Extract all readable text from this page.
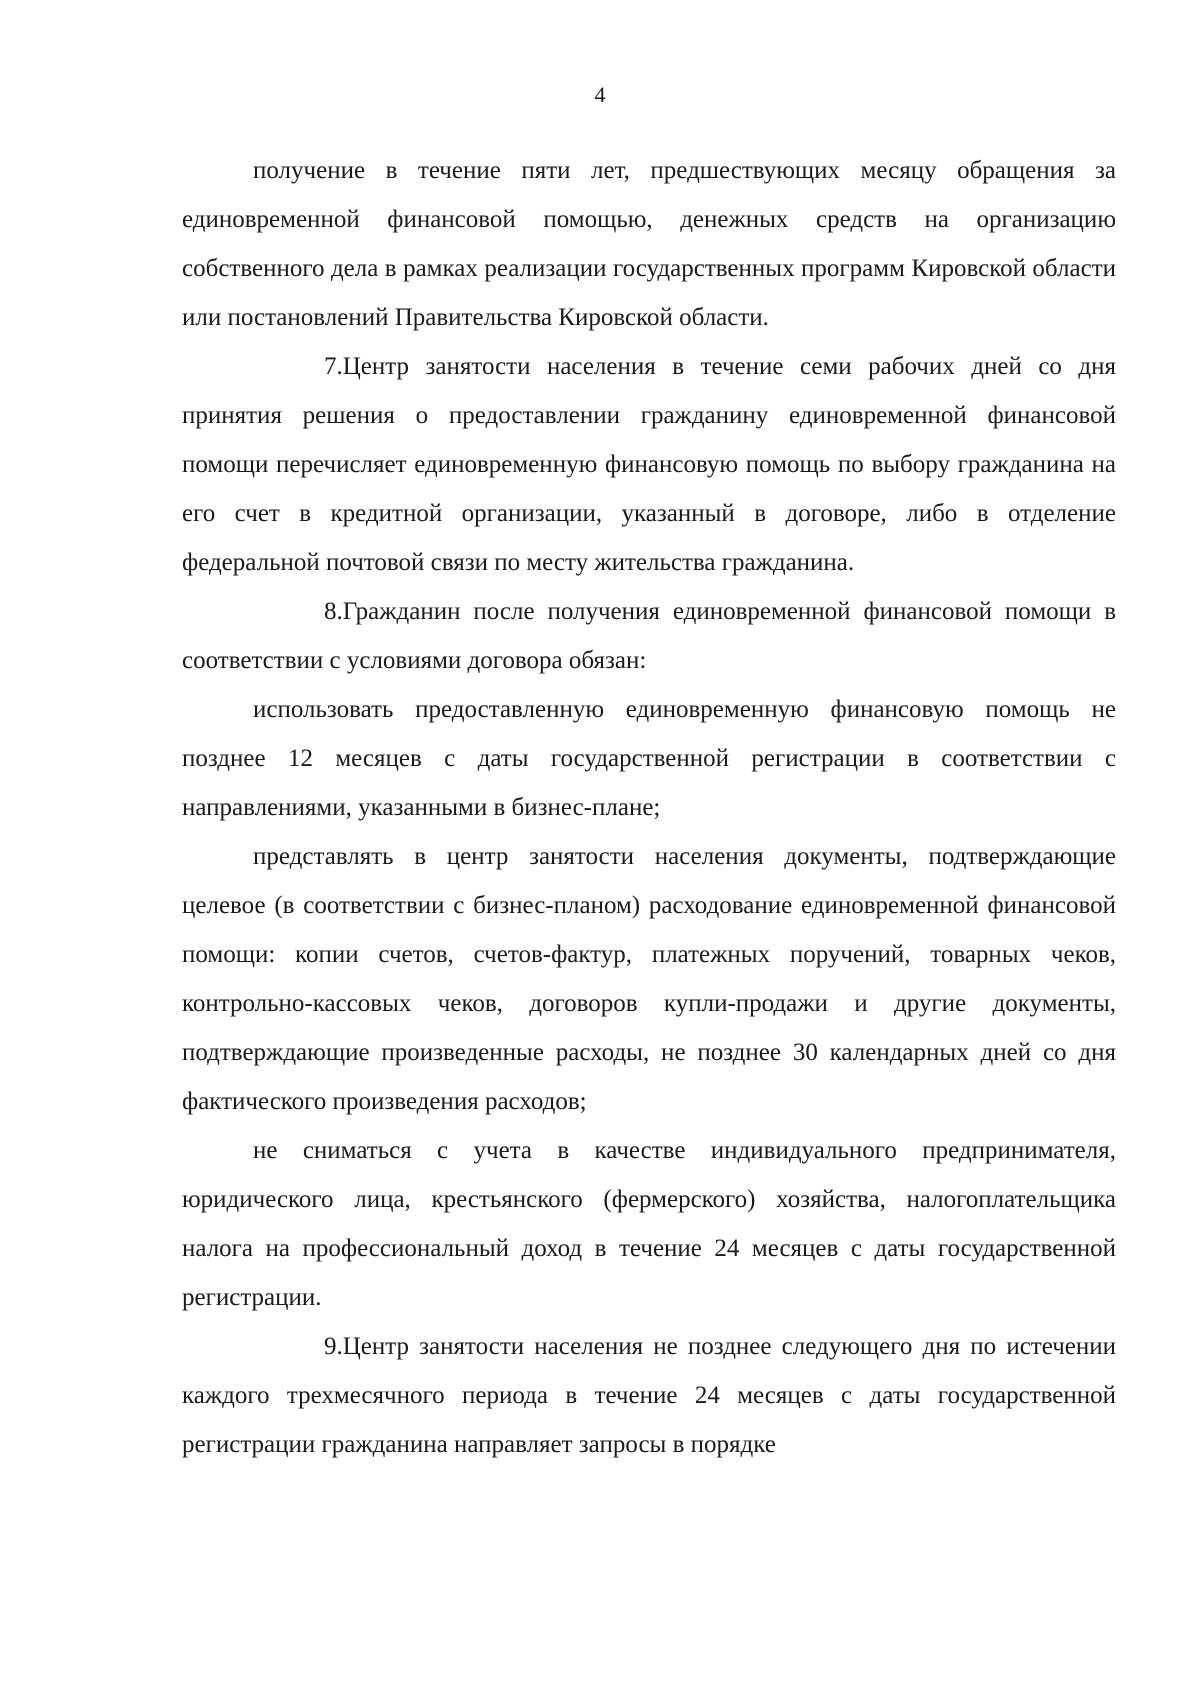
4

получение в течение пяти лет, предшествующих месяцу обращения за единовременной финансовой помощью, денежных средств на организацию собственного дела в рамках реализации государственных программ Кировской области или постановлений Правительства Кировской области.

7.Центр занятости населения в течение семи рабочих дней со дня принятия решения о предоставлении гражданину единовременной финансовой помощи перечисляет единовременную финансовую помощь по выбору гражданина на его счет в кредитной организации, указанный в договоре, либо в отделение федеральной почтовой связи по месту жительства гражданина.

8.Гражданин после получения единовременной финансовой помощи в соответствии с условиями договора обязан:

использовать предоставленную единовременную финансовую помощь не позднее 12 месяцев с даты государственной регистрации в соответствии с направлениями, указанными в бизнес-плане;

представлять в центр занятости населения документы, подтверждающие целевое (в соответствии с бизнес-планом) расходование единовременной финансовой помощи: копии счетов, счетов-фактур, платежных поручений, товарных чеков, контрольно-кассовых чеков, договоров купли-продажи и другие документы, подтверждающие произведенные расходы, не позднее 30 календарных дней со дня фактического произведения расходов;

не сниматься с учета в качестве индивидуального предпринимателя, юридического лица, крестьянского (фермерского) хозяйства, налогоплательщика налога на профессиональный доход в течение 24 месяцев с даты государственной регистрации.

9.Центр занятости населения не позднее следующего дня по истечении каждого трехмесячного периода в течение 24 месяцев с даты государственной регистрации гражданина направляет запросы в порядке
